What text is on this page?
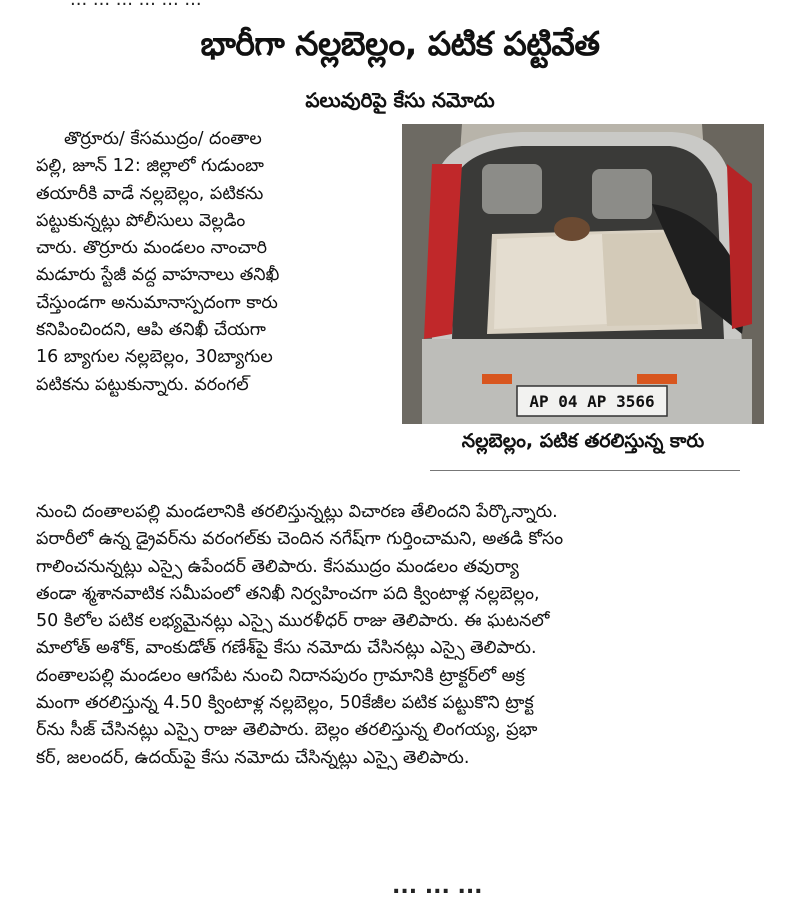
భారీగా నల్లబెల్లం, పటిక పట్టివేత
పలువురిపై కేసు నమోదు
తొర్రూరు/ కేసముద్రం/ దంతాల
పల్లి, జూన్ 12: జిల్లాలో గుడుంబా
తయారీకి వాడే నల్లబెల్లం, పటికను
పట్టుకున్నట్లు పోలీసులు వెల్లడిం
చారు. తొర్రూరు మండలం నాంచారి
మడూరు స్టేజీ వద్ద వాహనాలు తనిఖీ
చేస్తుండగా అనుమానాస్పదంగా కారు
కనిపించిందని, ఆపి తనిఖీ చేయగా
16 బ్యాగుల నల్లబెల్లం, 30బ్యాగుల
పటికను పట్టుకున్నారు. వరంగల్
AP 04 AP 3566
నల్లబెల్లం, పటిక తరలిస్తున్న కారు
నుంచి దంతాలపల్లి మండలానికి తరలిస్తున్నట్లు విచారణ తేలిందని పేర్కొన్నారు.
పరారీలో ఉన్న డ్రైవర్‌ను వరంగల్‌కు చెందిన నగేష్‌గా గుర్తించామని, అతడి కోసం
గాలించనున్నట్లు ఎస్సై ఉపేందర్ తెలిపారు. కేసముద్రం మండలం తవుర్యా
తండా శ్మశానవాటిక సమీపంలో తనిఖీ నిర్వహించగా పది క్వింటాళ్ల నల్లబెల్లం,
50 కిలోల పటిక లభ్యమైనట్లు ఎస్సై మురళీధర్ రాజు తెలిపారు. ఈ ఘటనలో
మాలోత్ అశోక్, వాంకుడోత్ గణేశ్‌పై కేసు నమోదు చేసినట్లు ఎస్సై తెలిపారు.
దంతాలపల్లి మండలం ఆగపేట నుంచి నిదానపురం గ్రామానికి ట్రాక్టర్‌లో అక్ర
మంగా తరలిస్తున్న 4.50 క్వింటాళ్ల నల్లబెల్లం, 50కేజీల పటిక పట్టుకొని ట్రాక్ట
ర్‌ను సీజ్ చేసినట్లు ఎస్సై రాజు తెలిపారు. బెల్లం తరలిస్తున్న లింగయ్య, ప్రభా
కర్, జలందర్, ఉదయ్‌పై కేసు నమోదు చేసిన్నట్లు ఎస్సై తెలిపారు.
... ... ...
